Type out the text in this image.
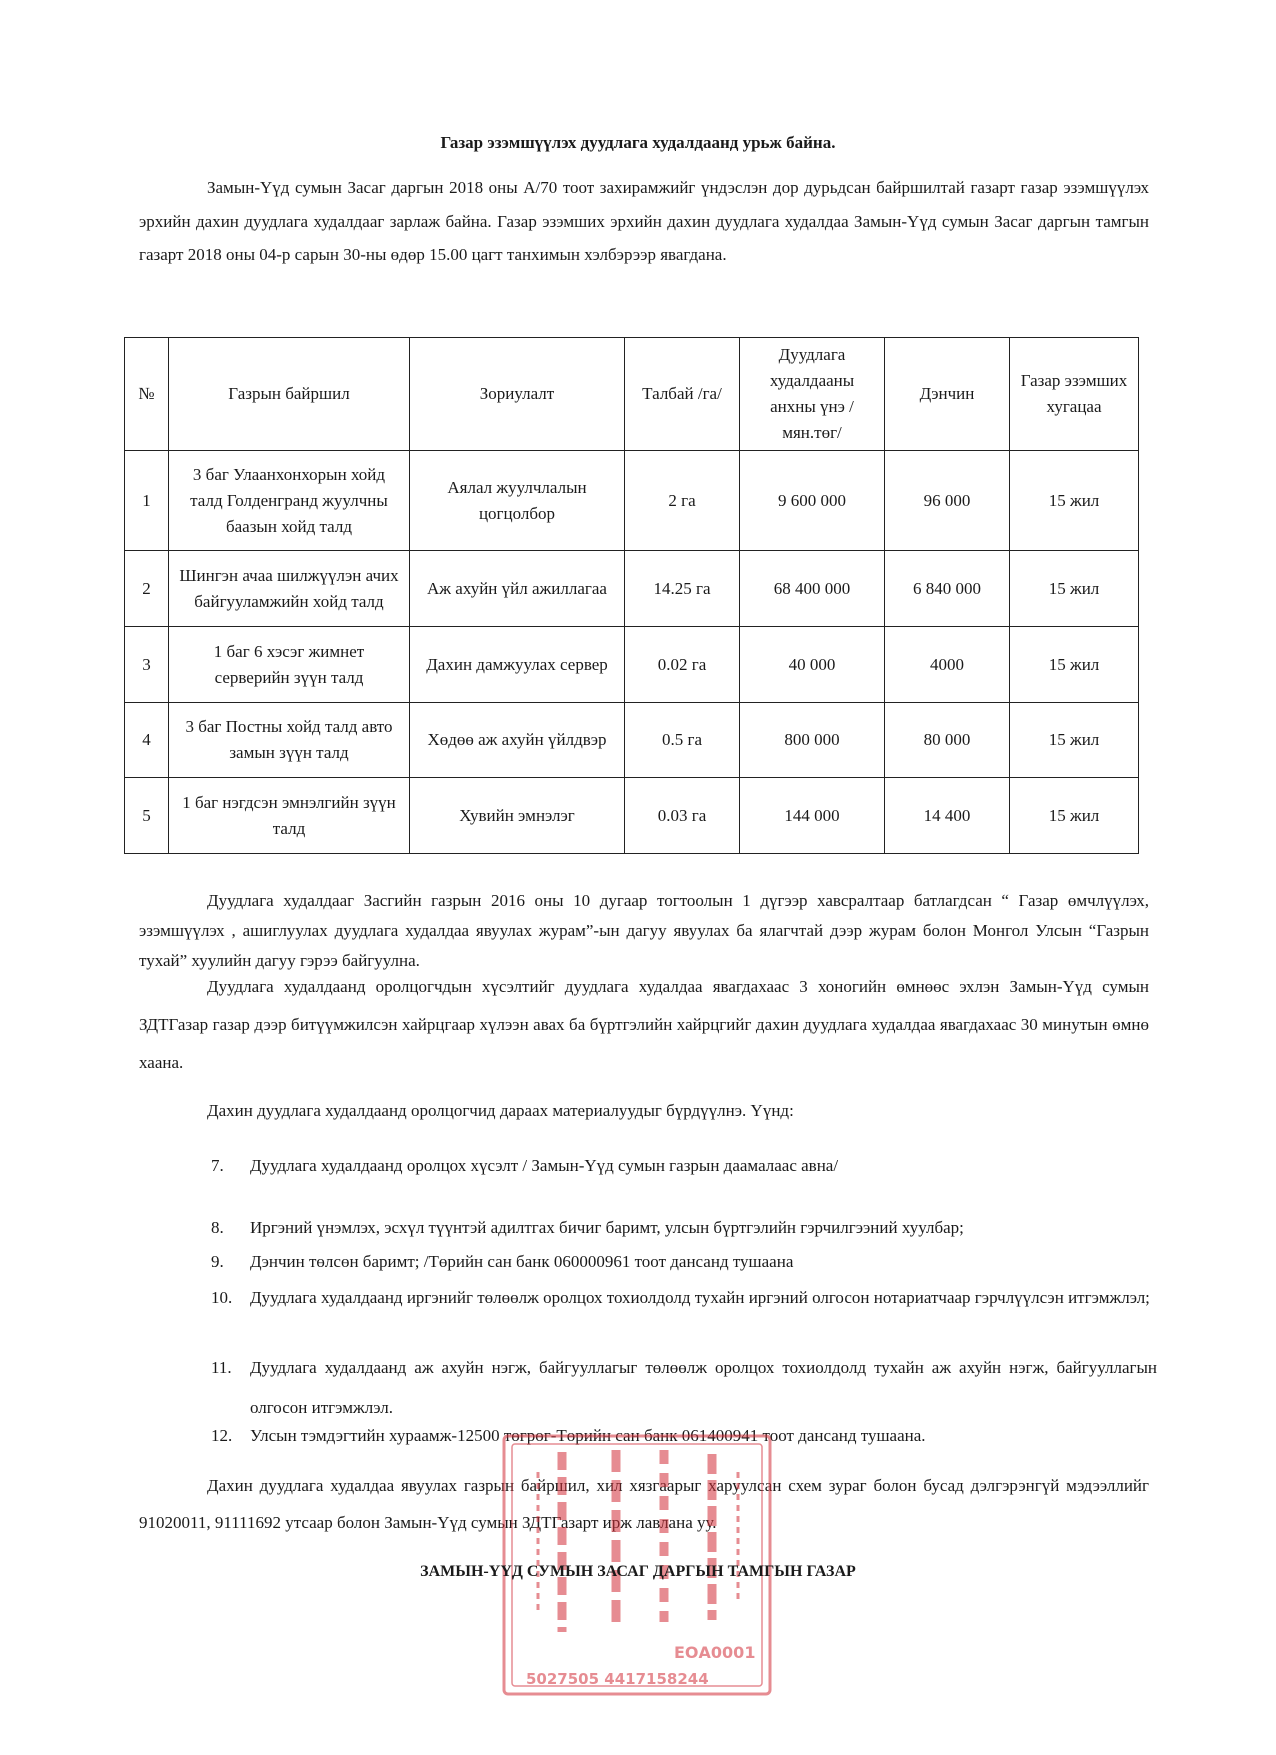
Газар эзэмшүүлэх дуудлага худалдаанд урьж байна.
Замын-Үүд сумын Засаг даргын 2018 оны А/70 тоот захирамжийг үндэслэн дор дурьдсан байршилтай газарт газар эзэмшүүлэх эрхийн дахин дуудлага худалдааг зарлаж байна. Газар эзэмших эрхийн дахин дуудлага худалдаа Замын-Үүд сумын Засаг даргын тамгын газарт 2018 оны 04-р сарын 30-ны өдөр 15.00 цагт танхимын хэлбэрээр явагдана.
№	Газрын байршил	Зориулалт	Талбай /га/	Дуудлага худалдааны анхны үнэ /мян.төг/	Дэнчин	Газар эзэмших хугацаа
1	3 баг Улаанхонхорын хойд талд Голденгранд жуулчны баазын хойд талд	Аялал жуулчлалын цогцолбор	2 га	9 600 000	96 000	15 жил
2	Шингэн ачаа шилжүүлэн ачих байгууламжийн хойд талд	Аж ахуйн үйл ажиллагаа	14.25 га	68 400 000	6 840 000	15 жил
3	1 баг 6 хэсэг жимнет серверийн зүүн талд	Дахин дамжуулах сервер	0.02 га	40 000	4000	15 жил
4	3 баг Постны хойд талд авто замын зүүн талд	Хөдөө аж ахуйн үйлдвэр	0.5 га	800 000	80 000	15 жил
5	1 баг нэгдсэн эмнэлгийн зүүн талд	Хувийн эмнэлэг	0.03 га	144 000	14 400	15 жил
Дуудлага худалдааг Засгийн газрын 2016 оны 10 дугаар тогтоолын 1 дүгээр хавсралтаар батлагдсан “ Газар өмчлүүлэх, эзэмшүүлэх , ашиглуулах дуудлага худалдаа явуулах журам”-ын дагуу явуулах ба ялагчтай дээр журам болон Монгол Улсын “Газрын тухай” хуулийн дагуу гэрээ байгуулна.
Дуудлага худалдаанд оролцогчдын хүсэлтийг дуудлага худалдаа явагдахаас 3 хоногийн өмнөөс эхлэн Замын-Үүд сумын ЗДТГазар газар дээр битүүмжилсэн хайрцгаар хүлээн авах ба бүртгэлийн хайрцгийг дахин дуудлага худалдаа явагдахаас 30 минутын өмнө хаана.
Дахин дуудлага худалдаанд оролцогчид дараах материалуудыг бүрдүүлнэ. Үүнд:
7.	Дуудлага худалдаанд оролцох хүсэлт / Замын-Үүд сумын газрын даамалаас авна/
8.	Иргэний үнэмлэх, эсхүл түүнтэй адилтгах бичиг баримт, улсын бүртгэлийн гэрчилгээний хуулбар;
9.	Дэнчин төлсөн баримт; /Төрийн сан банк 060000961 тоот дансанд тушаана
10.	Дуудлага худалдаанд иргэнийг төлөөлж оролцох тохиолдолд тухайн иргэний олгосон нотариатчаар гэрчлүүлсэн итгэмжлэл;
11.	Дуудлага худалдаанд аж ахуйн нэгж, байгууллагыг төлөөлж оролцох тохиолдолд тухайн аж ахуйн нэгж, байгууллагын олгосон итгэмжлэл.
12.	Улсын тэмдэгтийн хураамж-12500 төгрөг-Төрийн сан банк 061400941 тоот дансанд тушаана.
Дахин дуудлага худалдаа явуулах газрын байршил, хил хязгаарыг харуулсан схем зураг болон бусад дэлгэрэнгүй мэдээллийг 91020011, 91111692 утсаар болон Замын-Үүд сумын ЗДТГазарт ирж лавлана уу.
ЕОА0001
5027505 4417158244
ЗАМЫН-ҮҮД СУМЫН ЗАСАГ ДАРГЫН ТАМГЫН ГАЗАР
